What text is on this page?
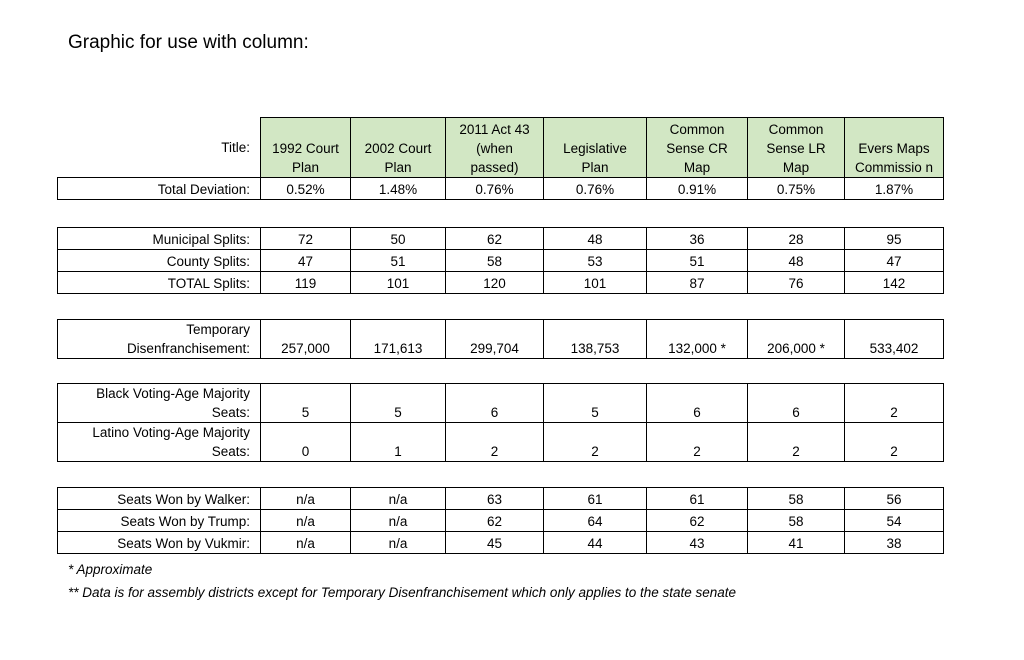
Graphic for use with column:
Title:	1992 Court Plan	2002 Court Plan	2011 Act 43 (when passed)	Legislative Plan	Common Sense CR Map	Common Sense LR Map	Evers Maps Commissio n
Total Deviation:	0.52%	1.48%	0.76%	0.76%	0.91%	0.75%	1.87%
Municipal Splits:	72	50	62	48	36	28	95
County Splits:	47	51	58	53	51	48	47
TOTAL Splits:	119	101	120	101	87	76	142
Temporary Disenfranchisement:	257,000	171,613	299,704	138,753	132,000 *	206,000 *	533,402
Black Voting-Age Majority Seats:	5	5	6	5	6	6	2
Latino Voting-Age Majority Seats:	0	1	2	2	2	2	2
Seats Won by Walker:	n/a	n/a	63	61	61	58	56
Seats Won by Trump:	n/a	n/a	62	64	62	58	54
Seats Won by Vukmir:	n/a	n/a	45	44	43	41	38
* Approximate
** Data is for assembly districts except for Temporary Disenfranchisement which only applies to the state senate
